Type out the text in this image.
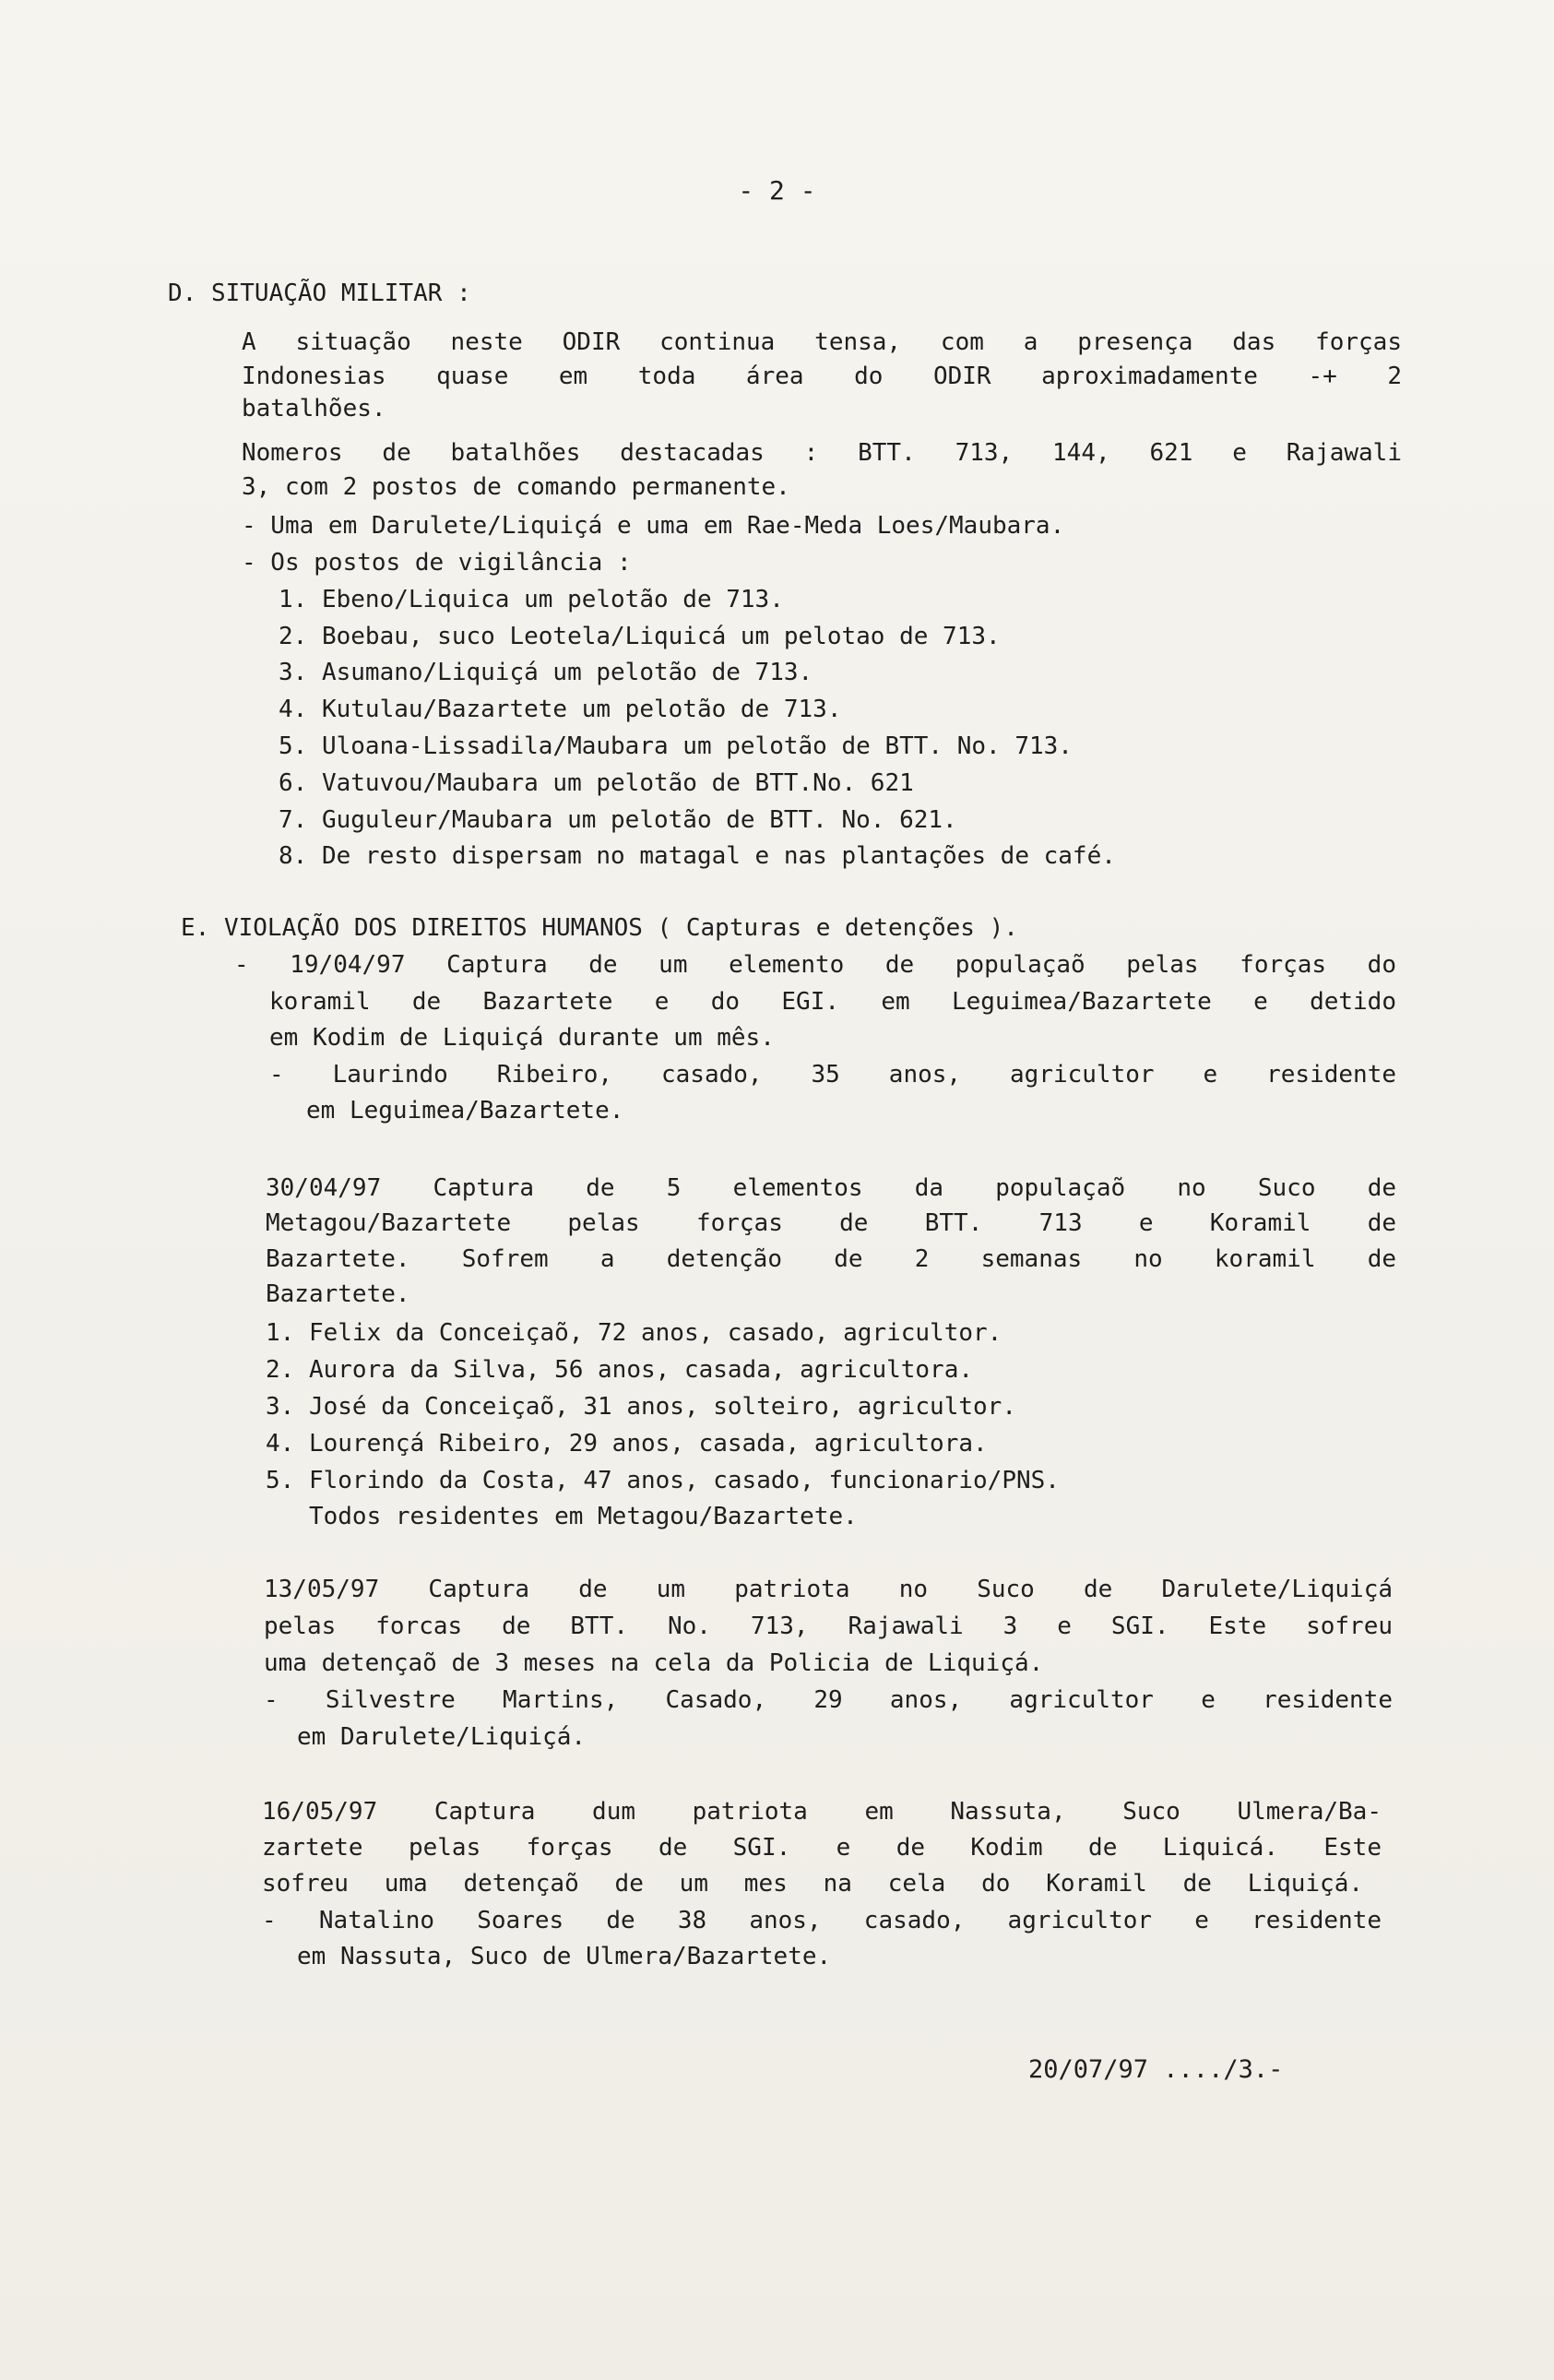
- 2 -
D. SITUAÇÃO MILITAR :
A situação neste ODIR continua tensa, com a presença das forças
Indonesias quase em toda área do ODIR aproximadamente -+ 2
batalhões.
Nomeros de batalhões destacadas : BTT. 713, 144, 621 e Rajawali
3, com 2 postos de comando permanente.
- Uma em Darulete/Liquiçá e uma em Rae-Meda Loes/Maubara.
- Os postos de vigilância :
1. Ebeno/Liquica um pelotão de 713.
2. Boebau, suco Leotela/Liquicá um pelotao de 713.
3. Asumano/Liquiçá um pelotão de 713.
4. Kutulau/Bazartete um pelotão de 713.
5. Uloana-Lissadila/Maubara um pelotão de BTT. No. 713.
6. Vatuvou/Maubara um pelotão de BTT.No. 621
7. Guguleur/Maubara um pelotão de BTT. No. 621.
8. De resto dispersam no matagal e nas plantações de café.
E. VIOLAÇÃO DOS DIREITOS HUMANOS ( Capturas e detenções ).
- 19/04/97 Captura de um elemento de populaçaõ pelas forças do
koramil de Bazartete e do EGI. em Leguimea/Bazartete e detido
em Kodim de Liquiçá durante um mês.
- Laurindo Ribeiro, casado, 35 anos, agricultor e residente
em Leguimea/Bazartete.
30/04/97 Captura de 5 elementos da populaçaõ no Suco de
Metagou/Bazartete pelas forças de BTT. 713 e Koramil de
Bazartete. Sofrem a detenção de 2 semanas no koramil de
Bazartete.
1. Felix da Conceiçaõ, 72 anos, casado, agricultor.
2. Aurora da Silva, 56 anos, casada, agricultora.
3. José da Conceiçaõ, 31 anos, solteiro, agricultor.
4. Lourençá Ribeiro, 29 anos, casada, agricultora.
5. Florindo da Costa, 47 anos, casado, funcionario/PNS.
Todos residentes em Metagou/Bazartete.
13/05/97 Captura de um patriota no Suco de Darulete/Liquiçá
pelas forcas de BTT. No. 713, Rajawali 3 e SGI. Este sofreu
uma detençaõ de 3 meses na cela da Policia de Liquiçá.
- Silvestre Martins, Casado, 29 anos, agricultor e residente
em Darulete/Liquiçá.
16/05/97 Captura dum patriota em Nassuta, Suco Ulmera/Ba-
zartete pelas forças de SGI. e de Kodim de Liquicá. Este
sofreu uma detençaõ de um mes na cela do Koramil de Liquiçá.
- Natalino Soares de 38 anos, casado, agricultor e residente
em Nassuta, Suco de Ulmera/Bazartete.
20/07/97 ..../3.-
